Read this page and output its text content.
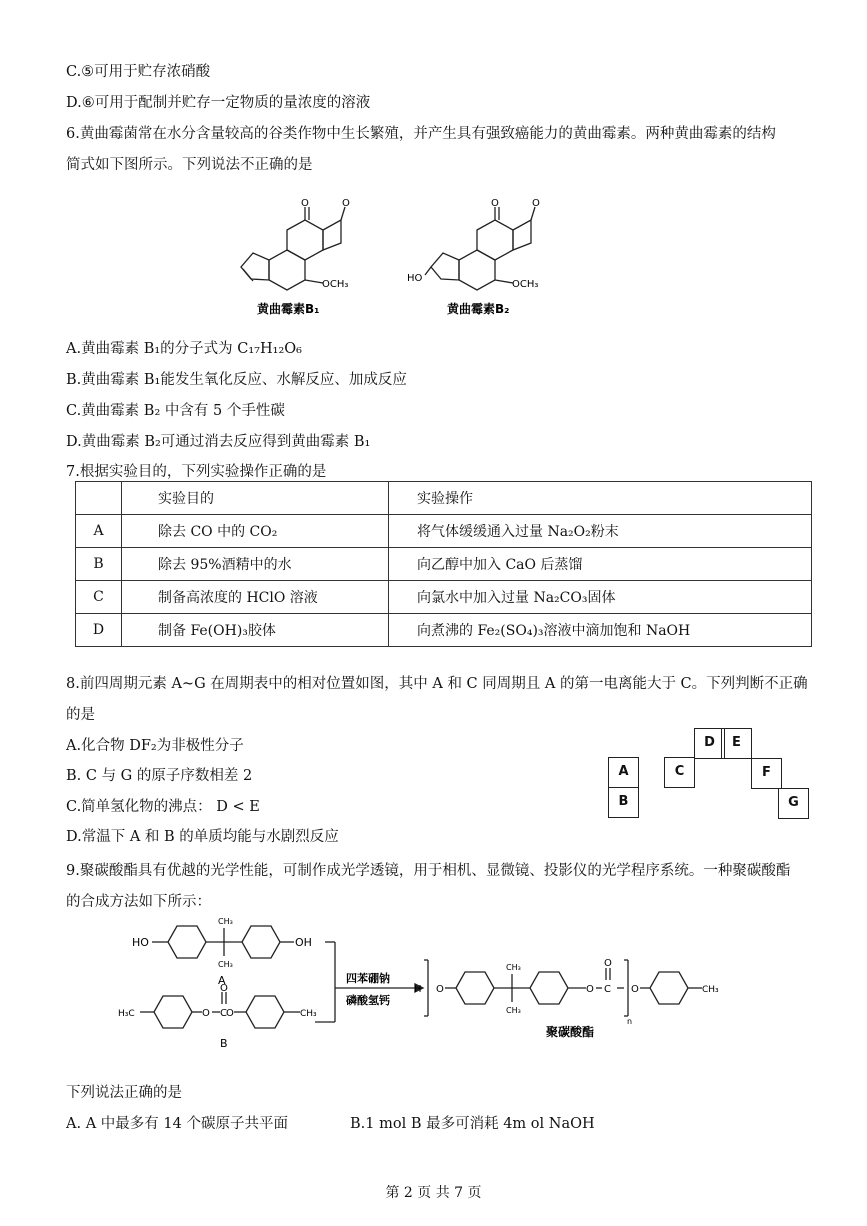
C.⑤可用于贮存浓硝酸
D.⑥可用于配制并贮存一定物质的量浓度的溶液
6.黄曲霉菌常在水分含量较高的谷类作物中生长繁殖，并产生具有强致癌能力的黄曲霉素。两种黄曲霉素的结构
简式如下图所示。下列说法不正确的是
O	O
OCH₃
黄曲霉素B₁
O	O
HO
OCH₃
黄曲霉素B₂
A.黄曲霉素 B₁的分子式为 C₁₇H₁₂O₆
B.黄曲霉素 B₁能发生氧化反应、水解反应、加成反应
C.黄曲霉素 B₂ 中含有 5 个手性碳
D.黄曲霉素 B₂可通过消去反应得到黄曲霉素 B₁
7.根据实验目的，下列实验操作正确的是
	实验目的	实验操作
A	除去 CO 中的 CO₂	将气体缓缓通入过量 Na₂O₂粉末
B	除去 95%酒精中的水	向乙醇中加入 CaO 后蒸馏
C	制备高浓度的 HClO 溶液	向氯水中加入过量 Na₂CO₃固体
D	制备 Fe(OH)₃胶体	向煮沸的 Fe₂(SO₄)₃溶液中滴加饱和 NaOH
8.前四周期元素 A~G 在周期表中的相对位置如图，其中 A 和 C 同周期且 A 的第一电离能大于 C。下列判断不正确
的是
A.化合物 DF₂为非极性分子
B. C 与 G 的原子序数相差 2
C.简单氢化物的沸点： D < E
D.常温下 A 和 B 的单质均能与水剧烈反应
A
B
C
D	E
F
G
9.聚碳酸酯具有优越的光学性能，可制作成光学透镜，用于相机、显微镜、投影仪的光学程序系统。一种聚碳酸酯
的合成方法如下所示：
HO	OH
CH₃
CH₃
A
H₃C	O C
O
O	CH₃
B
四苯硼钠
磷酸氢钙
H O
CH₃
CH₃
O C
O
O
n
CH₃
聚碳酸酯
下列说法正确的是
A. A 中最多有 14 个碳原子共平面	B.1 mol B 最多可消耗 4m ol NaOH
第 2 页 共 7 页
